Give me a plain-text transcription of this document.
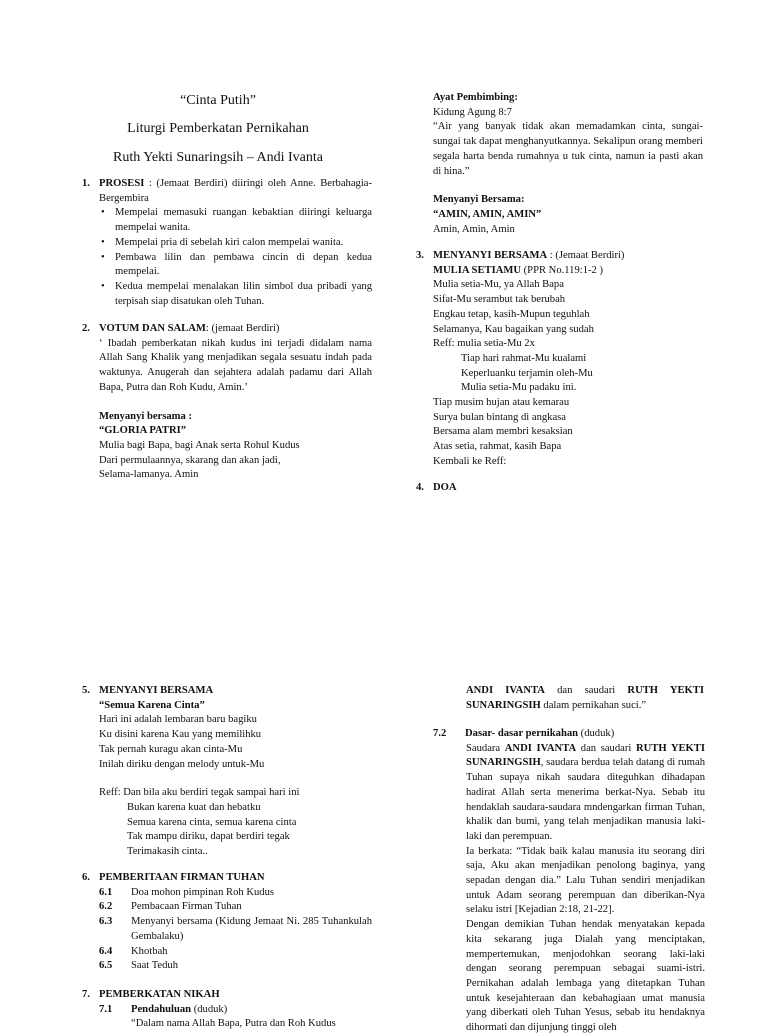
“Cinta Putih”
Liturgi Pemberkatan Pernikahan
Ruth Yekti Sunaringsih – Andi Ivanta
1. PROSESI : (Jemaat Berdiri) diiringi oleh Anne. Berbahagia-Bergembira
• Mempelai memasuki ruangan kebaktian diiringi keluarga mempelai wanita.
• Mempelai pria di sebelah kiri calon mempelai wanita.
• Pembawa lilin dan pembawa cincin di depan kedua mempelai.
• Kedua mempelai menalakan lilin simbol dua pribadi yang terpisah siap disatukan oleh Tuhan.
2. VOTUM DAN SALAM: (jemaat Berdiri)
‘ Ibadah pemberkatan nikah kudus ini terjadi didalam nama Allah Sang Khalik yang menjadikan segala sesuatu indah pada waktunya. Anugerah dan sejahtera adalah padamu dari Allah Bapa, Putra dan Roh Kudu, Amin.’
Menyanyi bersama :
“GLORIA PATRI”
Mulia bagi Bapa, bagi Anak serta Rohul Kudus
Dari permulaannya, skarang dan akan jadi,
Selama-lamanya. Amin
Ayat Pembimbing:
Kidung Agung 8:7
“Air yang banyak tidak akan memadamkan cinta, sungai-sungai tak dapat menghanyutkannya. Sekalipun orang memberi segala harta benda rumahnya u tuk cinta, namun ia pasti akan di hina.”
Menyanyi Bersama:
“AMIN, AMIN, AMIN”
Amin, Amin, Amin
3. MENYANYI BERSAMA : (Jemaat Berdiri)
MULIA SETIAMU (PPR No.119:1-2 )
Mulia setia-Mu, ya Allah Bapa
Sifat-Mu serambut tak berubah
Engkau tetap, kasih-Mupun teguhlah
Selamanya, Kau bagaikan yang sudah
Reff: mulia setia-Mu 2x
Tiap hari rahmat-Mu kualami
Keperluanku terjamin oleh-Mu
Mulia setia-Mu padaku ini.
Tiap musim hujan atau kemarau
Surya bulan bintang di angkasa
Bersama alam membri kesaksian
Atas setia, rahmat, kasih Bapa
Kembali ke Reff:
4. DOA
5. MENYANYI BERSAMA
“Semua Karena Cinta”
Hari ini adalah lembaran baru bagiku
Ku disini karena Kau yang memilihku
Tak pernah kuragu akan cinta-Mu
Inilah diriku dengan melody untuk-Mu
Reff: Dan bila aku berdiri tegak sampai hari ini
Bukan karena kuat dan hebatku
Semua karena cinta, semua karena cinta
Tak mampu diriku, dapat berdiri tegak
Terimakasih cinta..
6. PEMBERITAAN FIRMAN TUHAN
6.1 Doa mohon pimpinan Roh Kudus
6.2 Pembacaan Firman Tuhan
6.3 Menyanyi bersama (Kidung Jemaat Ni. 285 Tuhankulah Gembalaku)
6.4 Khotbah
6.5 Saat Teduh
7. PEMBERKATAN NIKAH
7.1 Pendahuluan (duduk)
“Dalam nama Allah Bapa, Putra dan Roh Kudus
ANDI IVANTA dan saudari RUTH YEKTI SUNARINGSIH dalam pernikahan suci.”
7.2 Dasar- dasar pernikahan (duduk)
Saudara ANDI IVANTA dan saudari RUTH YEKTI SUNARINGSIH, saudara berdua telah datang di rumah Tuhan supaya nikah saudara diteguhkan dihadapan hadirat Allah serta menerima berkat-Nya. Sebab itu hendaklah saudara-saudara mndengarkan firman Tuhan, khalik dan bumi, yang telah menjadikan manusia laki-laki dan perempuan.
Ia berkata: “Tidak baik kalau manusia itu seorang diri saja, Aku akan menjadikan penolong baginya, yang sepadan dengan dia.” Lalu Tuhan sendiri menjadikan untuk Adam seorang perempuan dan diberikan-Nya selaku istri [Kejadian 2:18, 21-22].
Dengan demikian Tuhan hendak menyatakan kepada kita sekarang juga Dialah yang menciptakan, mempertemukan, menjodohkan seorang laki-laki dengan seorang perempuan sebagai suami-istri. Pernikahan adalah lembaga yang ditetapkan Tuhan untuk kesejahteraan dan kebahagiaan umat manusia yang diberkati oleh Tuhan Yesus, sebab itu hendaknya dihormati dan dijunjung tinggi oleh
